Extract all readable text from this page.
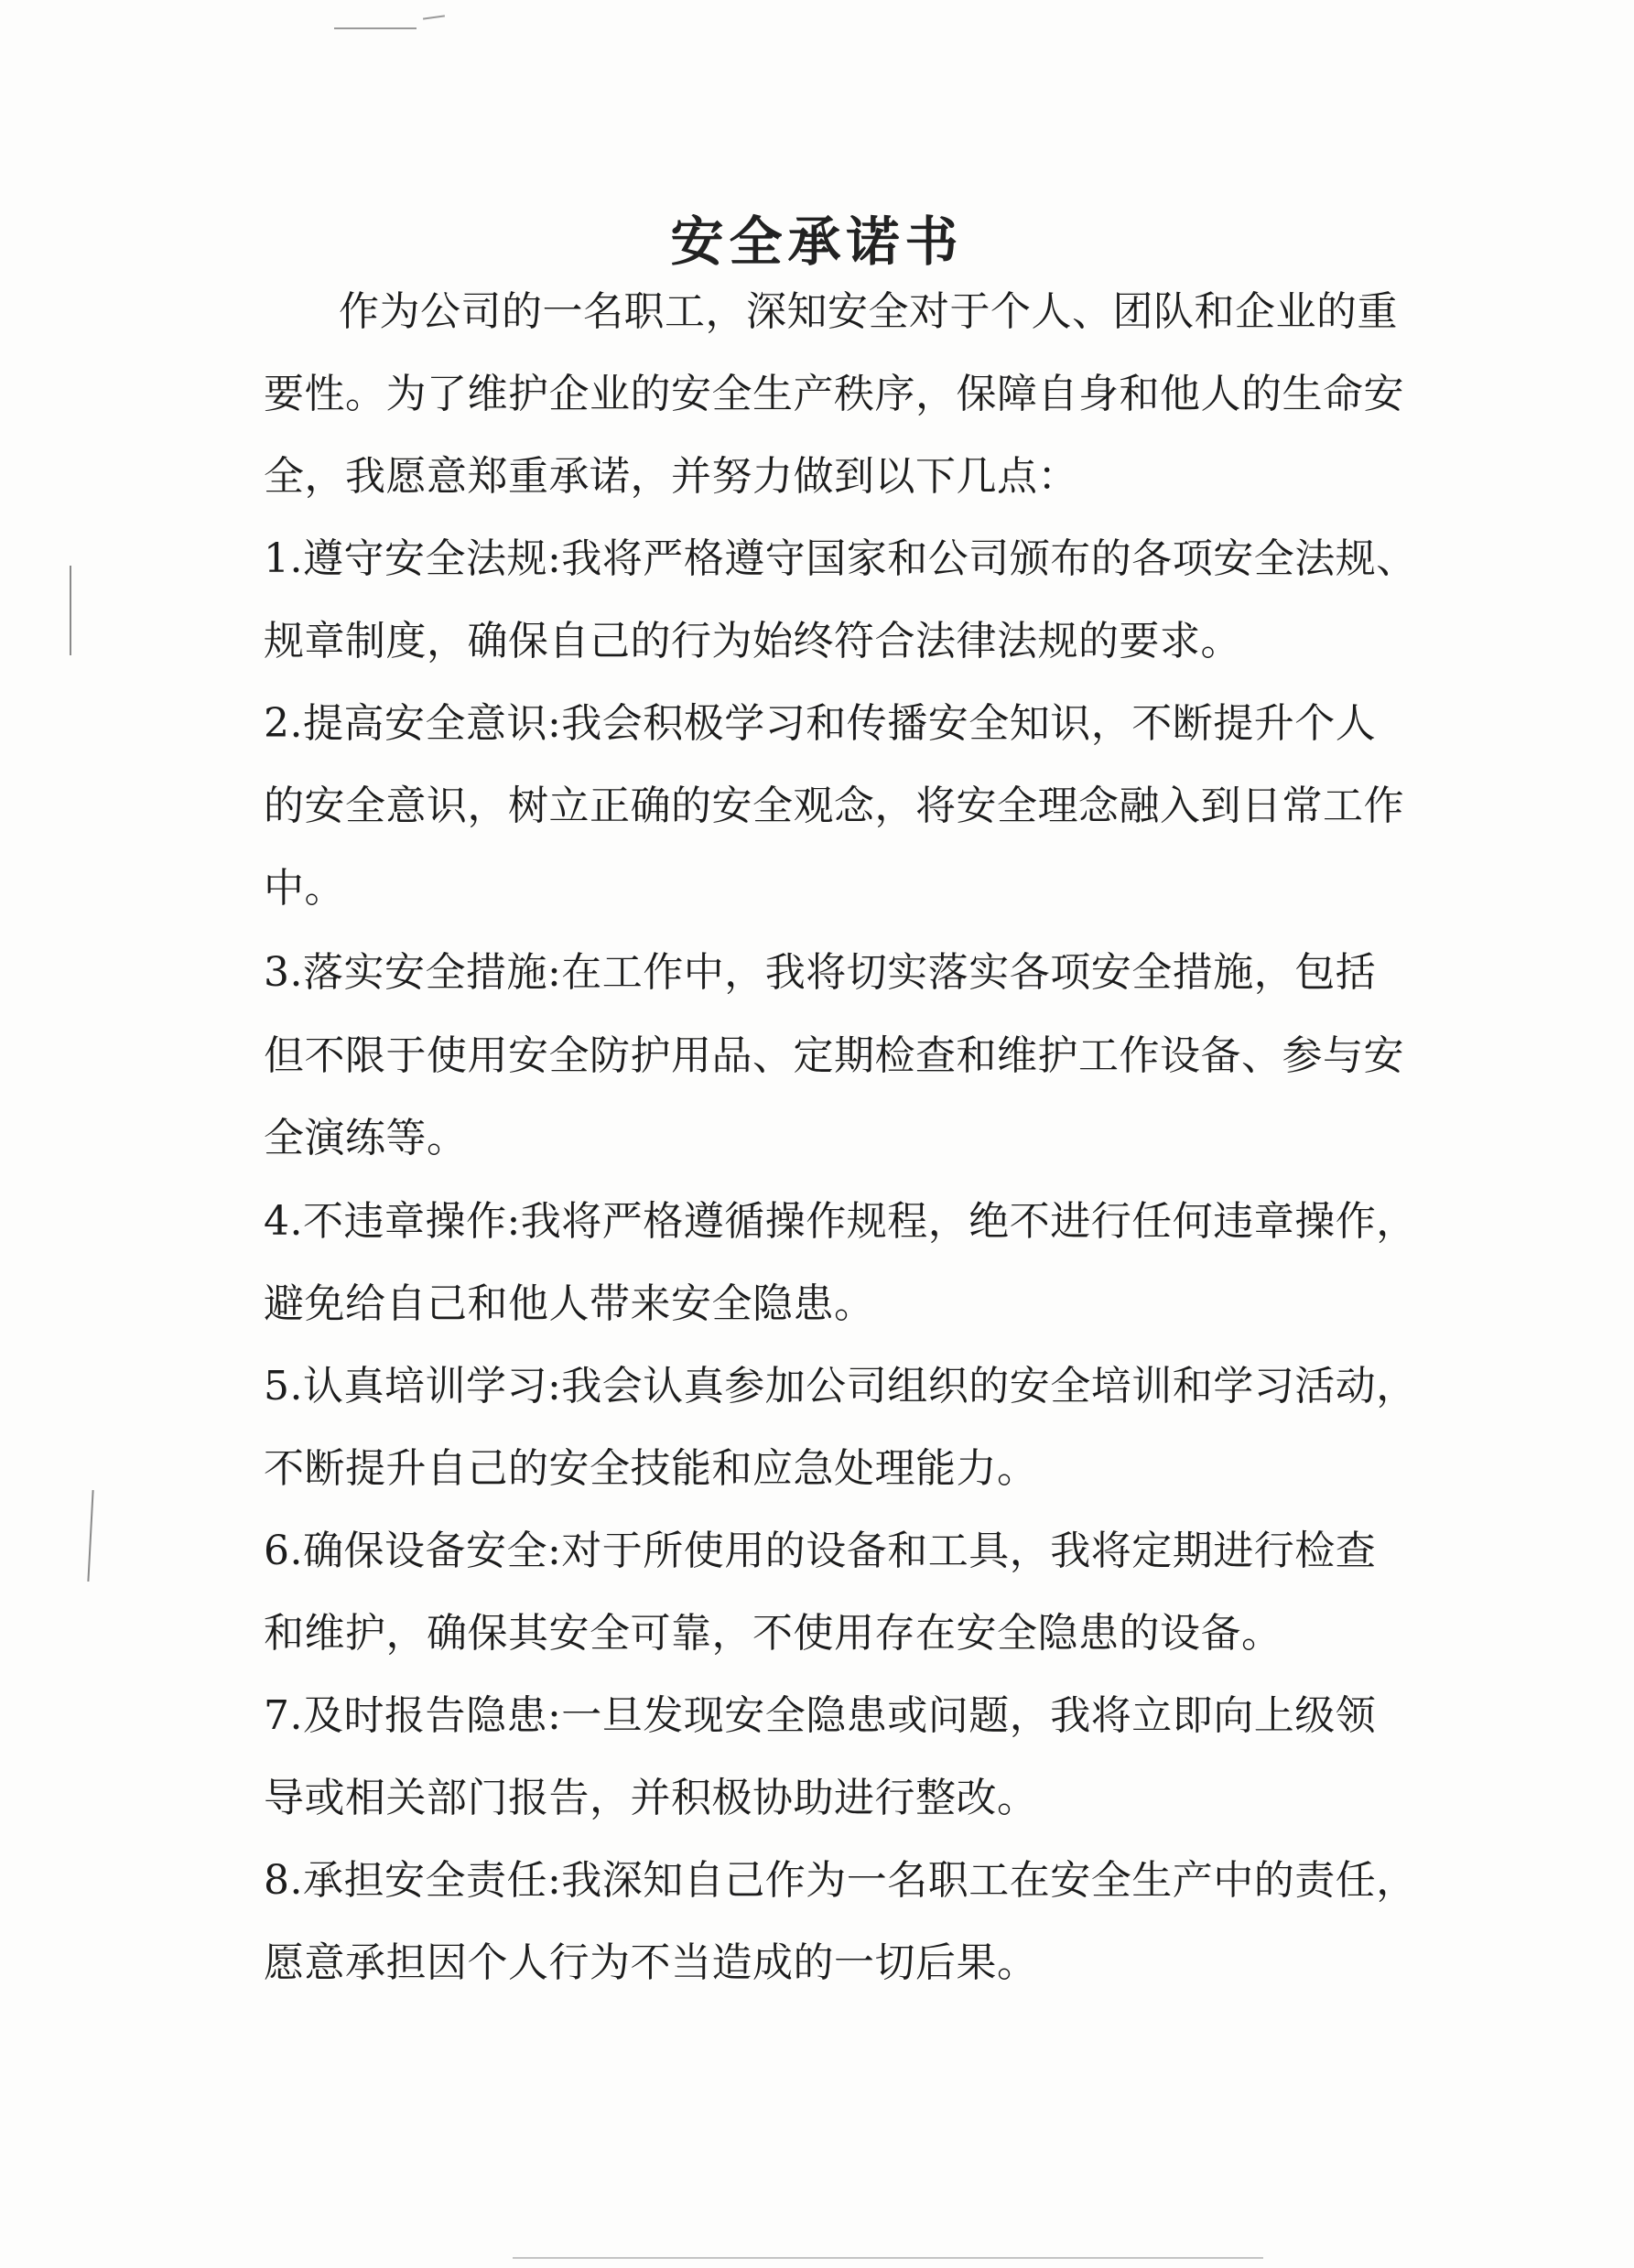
安全承诺书
作为公司的一名职工，深知安全对于个人、团队和企业的重
要性。为了维护企业的安全生产秩序，保障自身和他人的生命安
全，我愿意郑重承诺，并努力做到以下几点：
1.遵守安全法规:我将严格遵守国家和公司颁布的各项安全法规、
规章制度，确保自己的行为始终符合法律法规的要求。
2.提高安全意识:我会积极学习和传播安全知识，不断提升个人
的安全意识，树立正确的安全观念，将安全理念融入到日常工作
中。
3.落实安全措施:在工作中，我将切实落实各项安全措施，包括
但不限于使用安全防护用品、定期检查和维护工作设备、参与安
全演练等。
4.不违章操作:我将严格遵循操作规程，绝不进行任何违章操作，
避免给自己和他人带来安全隐患。
5.认真培训学习:我会认真参加公司组织的安全培训和学习活动，
不断提升自己的安全技能和应急处理能力。
6.确保设备安全:对于所使用的设备和工具，我将定期进行检查
和维护，确保其安全可靠，不使用存在安全隐患的设备。
7.及时报告隐患:一旦发现安全隐患或问题，我将立即向上级领
导或相关部门报告，并积极协助进行整改。
8.承担安全责任:我深知自己作为一名职工在安全生产中的责任，
愿意承担因个人行为不当造成的一切后果。
